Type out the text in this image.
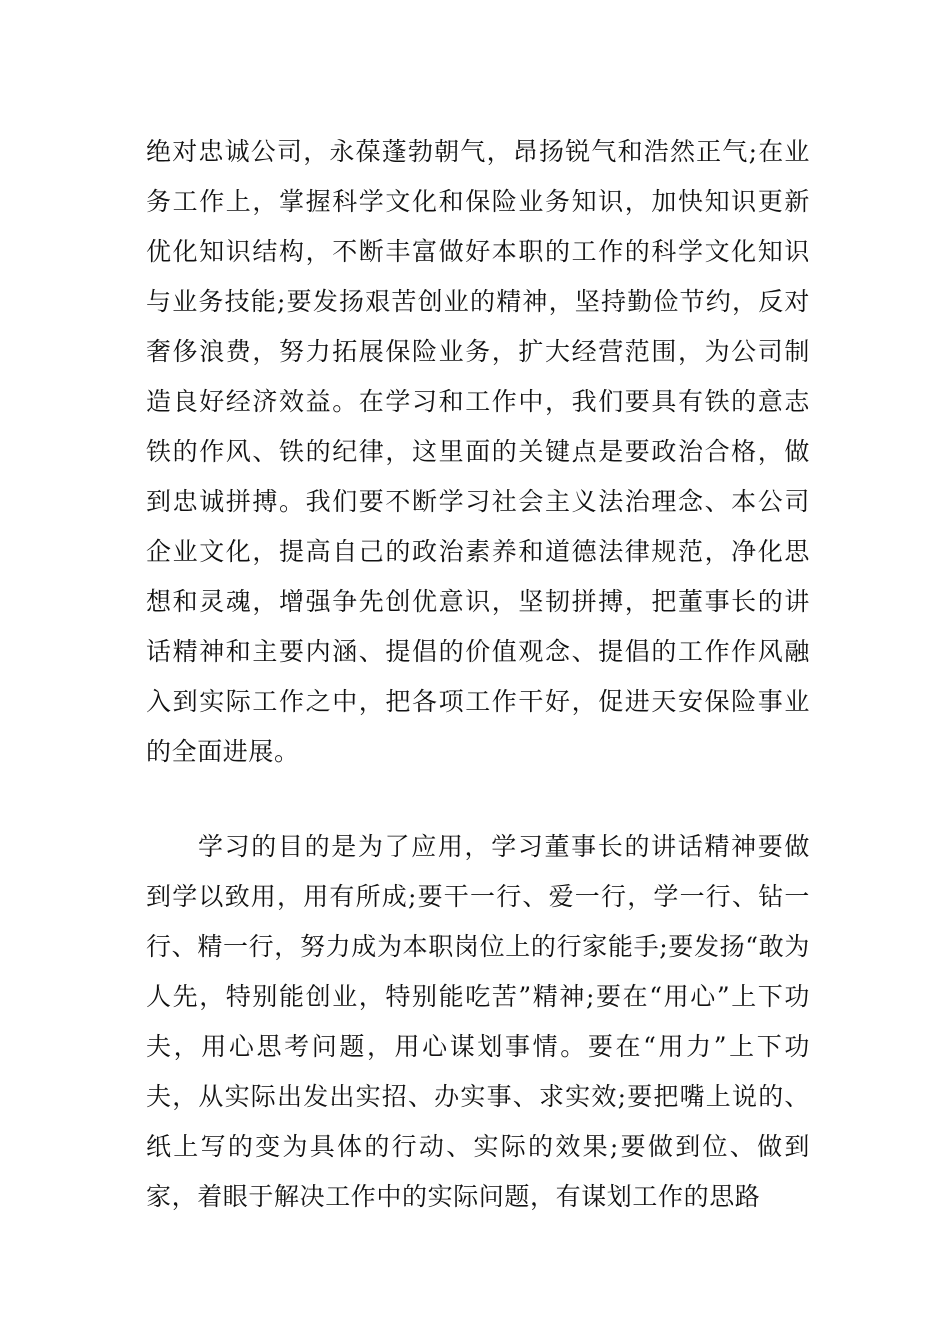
绝对忠诚公司，永葆蓬勃朝气，昂扬锐气和浩然正气;在业务工作上，掌握科学文化和保险业务知识，加快知识更新优化知识结构，不断丰富做好本职的工作的科学文化知识与业务技能;要发扬艰苦创业的精神，坚持勤俭节约，反对奢侈浪费，努力拓展保险业务，扩大经营范围，为公司制造良好经济效益。在学习和工作中，我们要具有铁的意志铁的作风、铁的纪律，这里面的关键点是要政治合格，做到忠诚拼搏。我们要不断学习社会主义法治理念、本公司企业文化，提高自己的政治素养和道德法律规范，净化思想和灵魂，增强争先创优意识，坚韧拼搏，把董事长的讲话精神和主要内涵、提倡的价值观念、提倡的工作作风融入到实际工作之中，把各项工作干好，促进天安保险事业的全面进展。

学习的目的是为了应用，学习董事长的讲话精神要做到学以致用，用有所成;要干一行、爱一行，学一行、钻一行、精一行，努力成为本职岗位上的行家能手;要发扬“敢为人先，特别能创业，特别能吃苦”精神;要在“用心”上下功夫，用心思考问题，用心谋划事情。要在“用力”上下功夫，从实际出发出实招、办实事、求实效;要把嘴上说的、纸上写的变为具体的行动、实际的效果;要做到位、做到家，着眼于解决工作中的实际问题，有谋划工作的思路
